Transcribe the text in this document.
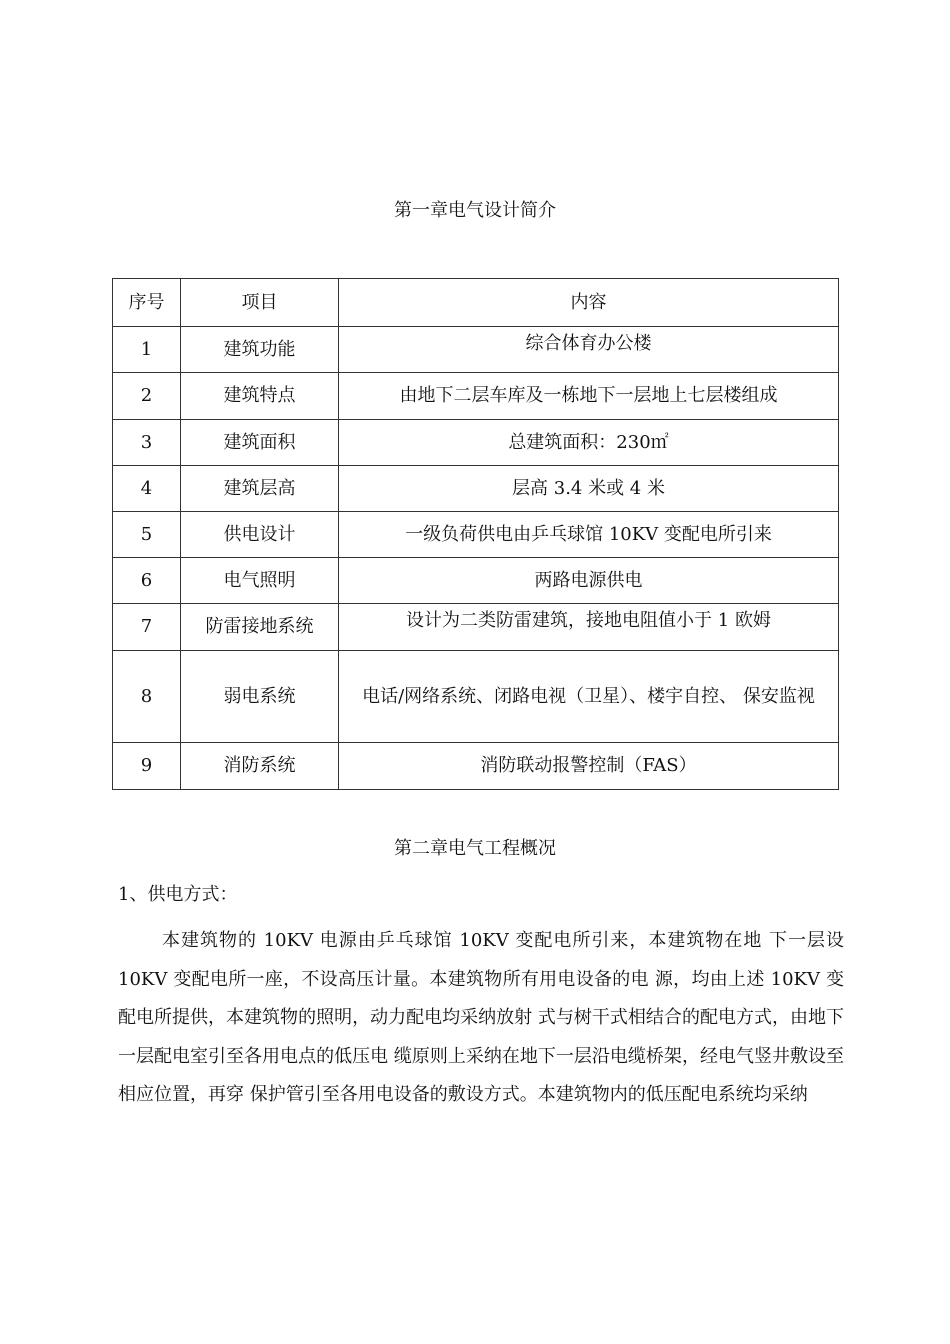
第一章电气设计简介
序号	项目	内容
1	建筑功能	综合体育办公楼
2	建筑特点	由地下二层车库及一栋地下一层地上七层楼组成
3	建筑面积	总建筑面积：230㎡
4	建筑层高	层高 3.4 米或 4 米
5	供电设计	一级负荷供电由乒乓球馆 10KV 变配电所引来
6	电气照明	两路电源供电
7	防雷接地系统	设计为二类防雷建筑，接地电阻值小于 1 欧姆
8	弱电系统	电话/网络系统、闭路电视（卫星）、楼宇自控、 保安监视
9	消防系统	消防联动报警控制（FAS）
第二章电气工程概况
1、供电方式：

本建筑物的 10KV 电源由乒乓球馆 10KV 变配电所引来，本建筑物在地 下一层设 10KV 变配电所一座，不设高压计量。本建筑物所有用电设备的电 源，均由上述 10KV 变配电所提供，本建筑物的照明，动力配电均采纳放射 式与树干式相结合的配电方式，由地下一层配电室引至各用电点的低压电 缆原则上采纳在地下一层沿电缆桥架，经电气竖井敷设至相应位置，再穿 保护管引至各用电设备的敷设方式。本建筑物内的低压配电系统均采纳
